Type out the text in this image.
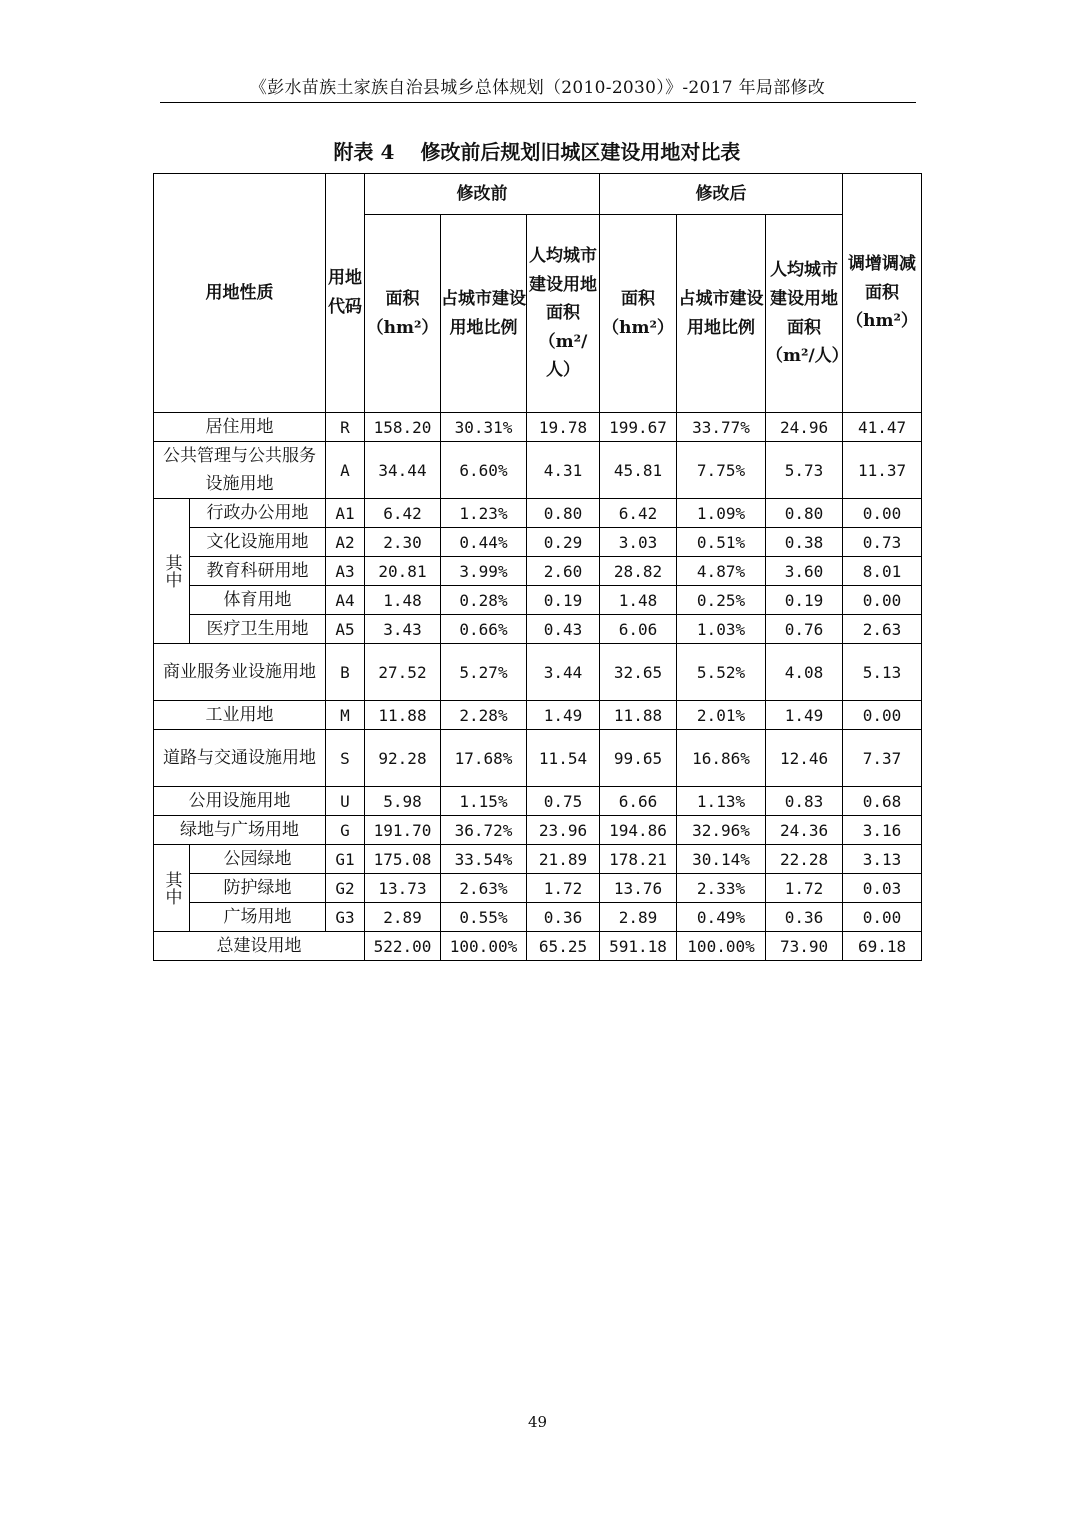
《彭水苗族土家族自治县城乡总体规划（2010-2030）》-2017 年局部修改
附表 4 修改前后规划旧城区建设用地对比表
用地性质		用地代码	修改前			修改后			调增调减面积（hm²）
			面积（hm²）	占城市建设用地比例	人均城市建设用地面积（m²/人）	面积（hm²）	占城市建设用地比例	人均城市建设用地面积（m²/人）	
居住用地		R	158.20	30.31%	19.78	199.67	33.77%	24.96	41.47
公共管理与公共服务设施用地		A	34.44	6.60%	4.31	45.81	7.75%	5.73	11.37
其中	行政办公用地	A1	6.42	1.23%	0.80	6.42	1.09%	0.80	0.00
	文化设施用地	A2	2.30	0.44%	0.29	3.03	0.51%	0.38	0.73
	教育科研用地	A3	20.81	3.99%	2.60	28.82	4.87%	3.60	8.01
	体育用地	A4	1.48	0.28%	0.19	1.48	0.25%	0.19	0.00
	医疗卫生用地	A5	3.43	0.66%	0.43	6.06	1.03%	0.76	2.63
商业服务业设施用地		B	27.52	5.27%	3.44	32.65	5.52%	4.08	5.13
工业用地		M	11.88	2.28%	1.49	11.88	2.01%	1.49	0.00
道路与交通设施用地		S	92.28	17.68%	11.54	99.65	16.86%	12.46	7.37
公用设施用地		U	5.98	1.15%	0.75	6.66	1.13%	0.83	0.68
绿地与广场用地		G	191.70	36.72%	23.96	194.86	32.96%	24.36	3.16
其中	公园绿地	G1	175.08	33.54%	21.89	178.21	30.14%	22.28	3.13
	防护绿地	G2	13.73	2.63%	1.72	13.76	2.33%	1.72	0.03
	广场用地	G3	2.89	0.55%	0.36	2.89	0.49%	0.36	0.00
总建设用地			522.00	100.00%	65.25	591.18	100.00%	73.90	69.18
49
